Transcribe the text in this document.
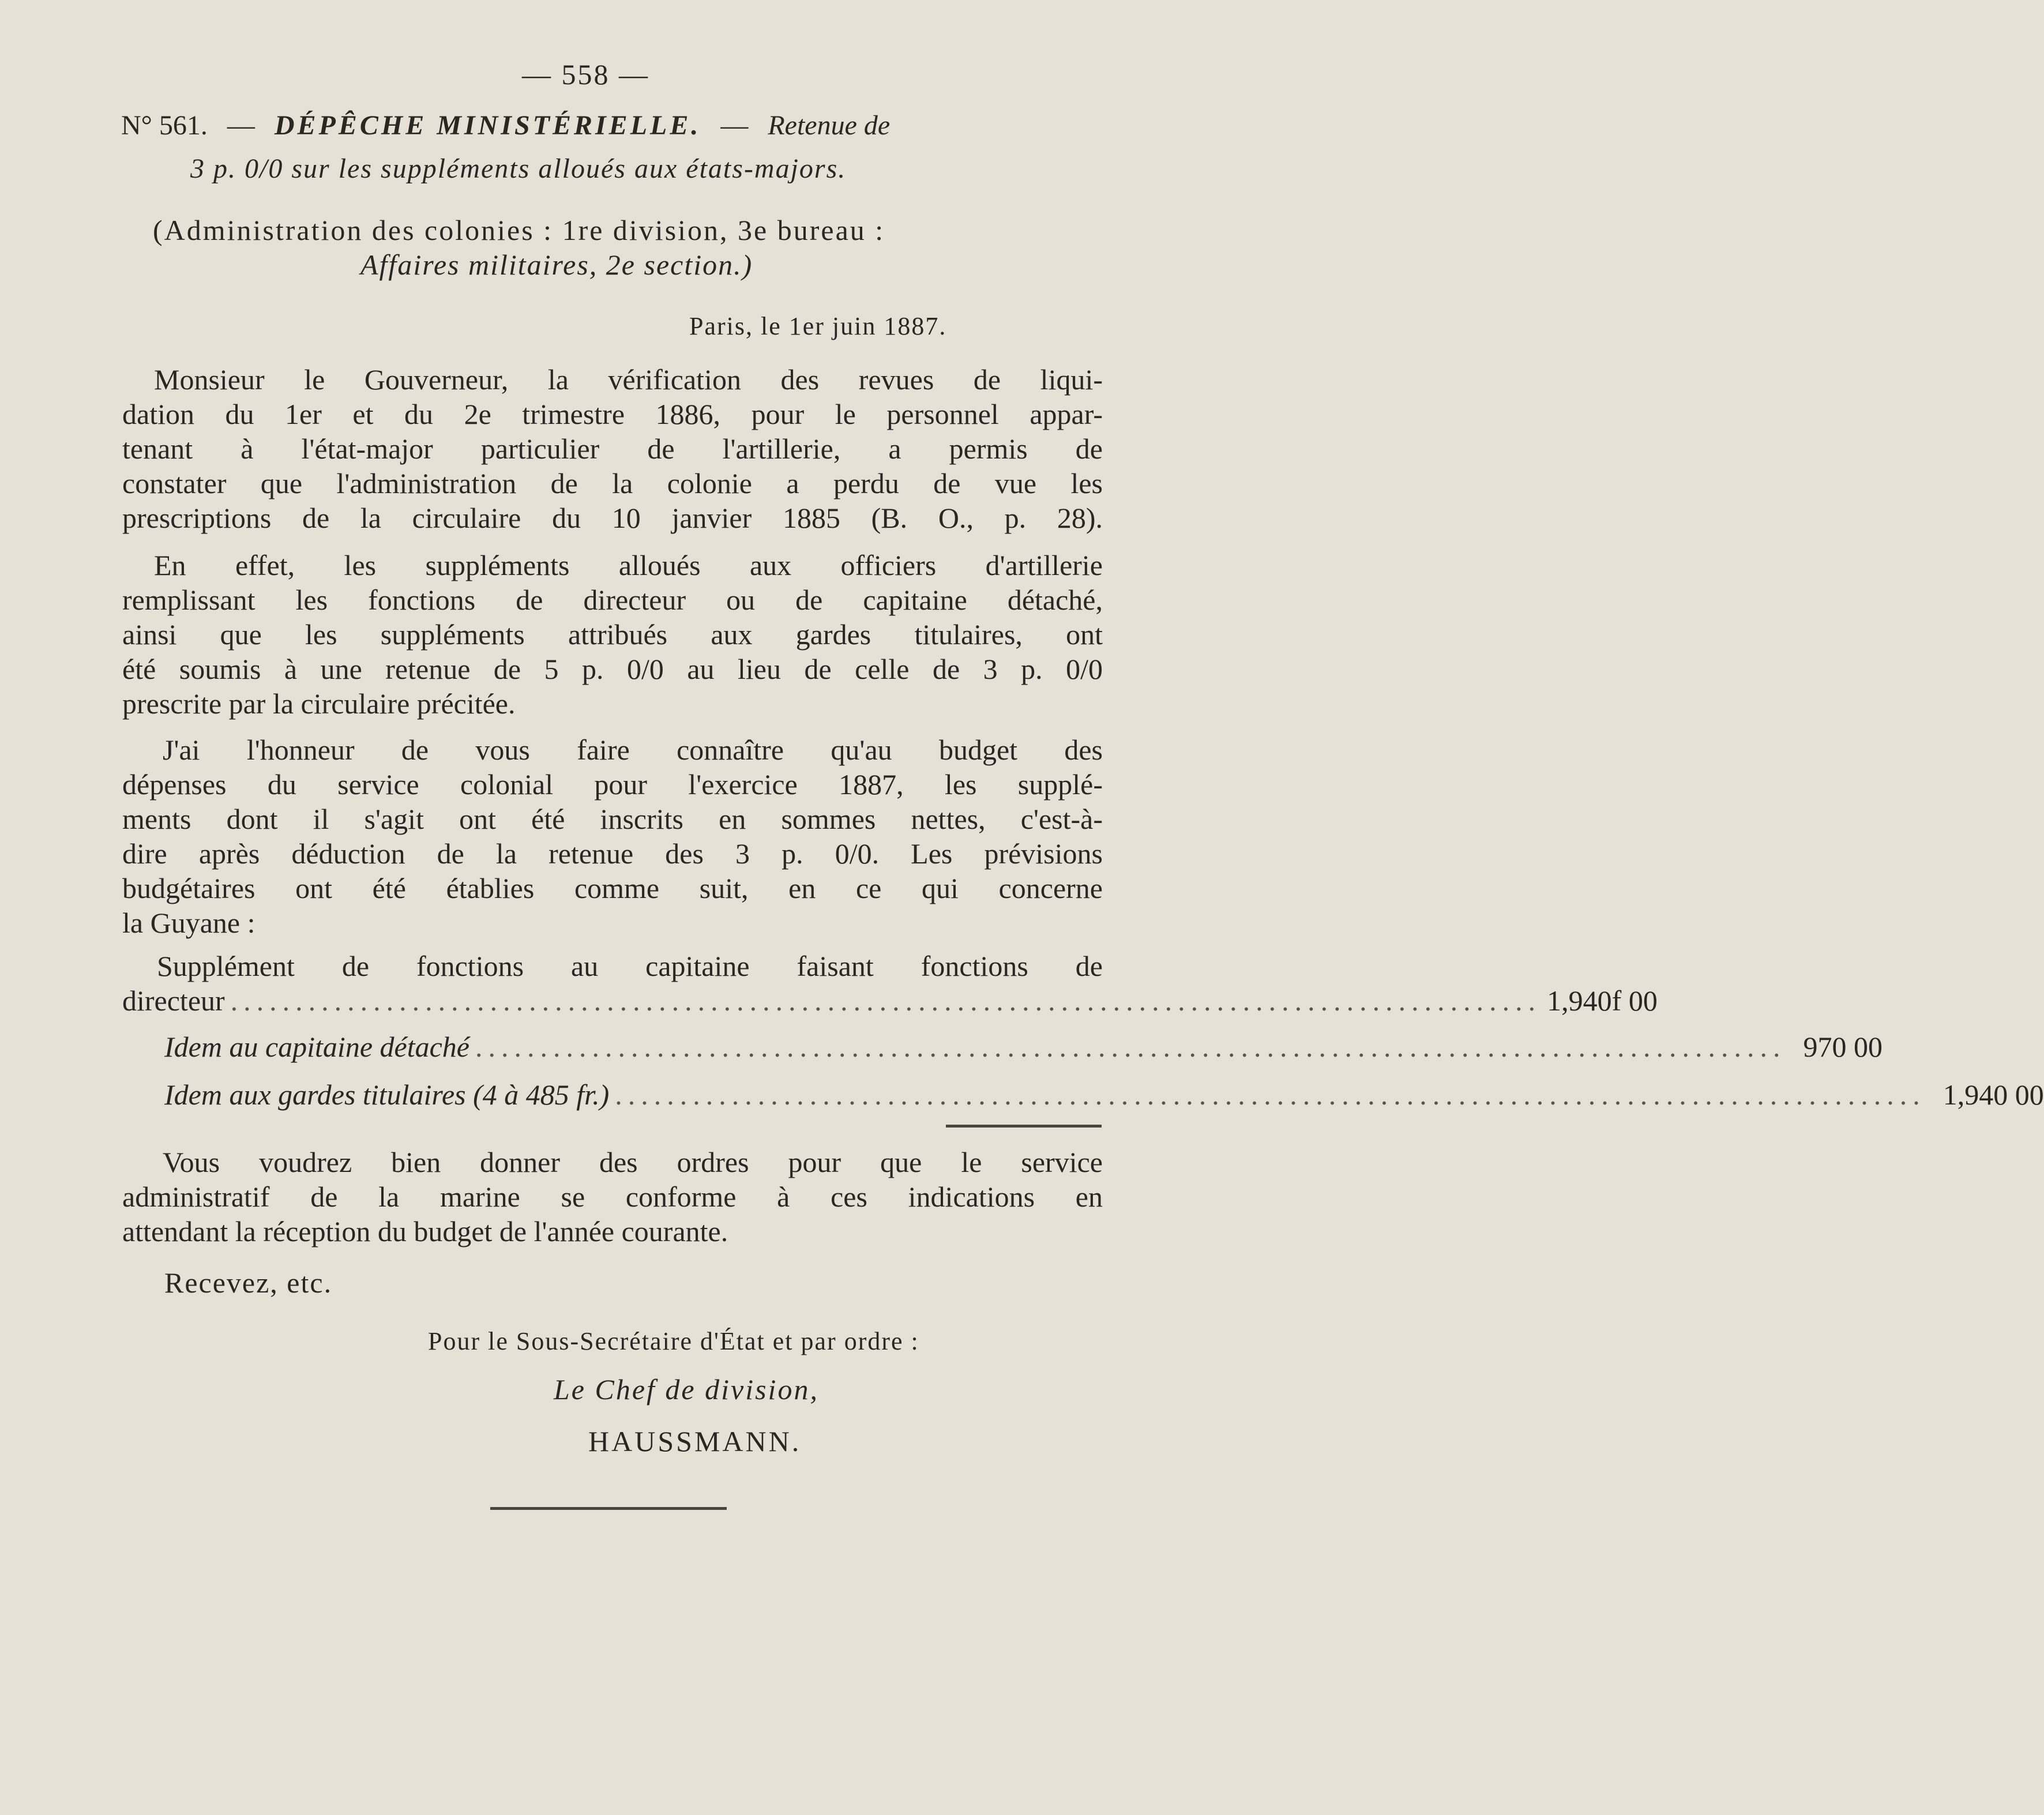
— 558 —
N° 561. — DÉPÊCHE MINISTÉRIELLE. — Retenue de
3 p. 0/0 sur les suppléments alloués aux états-majors.
(Administration des colonies : 1re division, 3e bureau :
Affaires militaires, 2e section.)
Paris, le 1er juin 1887.
Monsieur le Gouverneur, la vérification des revues de liqui-
dation du 1er et du 2e trimestre 1886, pour le personnel appar-
tenant à l'état-major particulier de l'artillerie, a permis de
constater que l'administration de la colonie a perdu de vue les
prescriptions de la circulaire du 10 janvier 1885 (B. O., p. 28).
En effet, les suppléments alloués aux officiers d'artillerie
remplissant les fonctions de directeur ou de capitaine détaché,
ainsi que les suppléments attribués aux gardes titulaires, ont
été soumis à une retenue de 5 p. 0/0 au lieu de celle de 3 p. 0/0
prescrite par la circulaire précitée.
J'ai l'honneur de vous faire connaître qu'au budget des
dépenses du service colonial pour l'exercice 1887, les supplé-
ments dont il s'agit ont été inscrits en sommes nettes, c'est-à-
dire après déduction de la retenue des 3 p. 0/0. Les prévisions
budgétaires ont été établies comme suit, en ce qui concerne
la Guyane :
Supplément de fonctions au capitaine faisant fonctions de
directeur ..................................................................................................... 1,940f 00
Idem au capitaine détaché ..................................................................................................... 970 00
Idem aux gardes titulaires (4 à 485 fr.) ..................................................................................................... 1,940 00
Vous voudrez bien donner des ordres pour que le service
administratif de la marine se conforme à ces indications en
attendant la réception du budget de l'année courante.
Recevez, etc.
Pour le Sous-Secrétaire d'État et par ordre :
Le Chef de division,
HAUSSMANN.
